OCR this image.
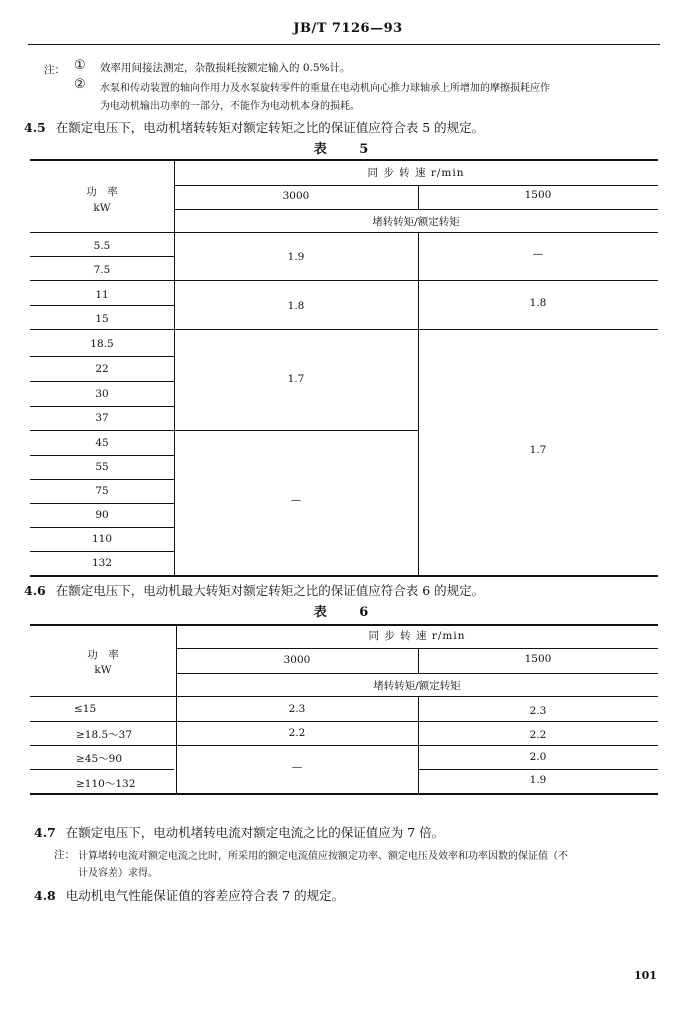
JB/T 7126—93
注： ① 效率用间接法测定，杂散损耗按额定输入的 0.5%计。
② 水泵和传动装置的轴向作用力及水泵旋转零件的重量在电动机向心推力球轴承上所增加的摩擦损耗应作
为电动机输出功率的一部分，不能作为电动机本身的损耗。
4.5 在额定电压下，电动机堵转转矩对额定转矩之比的保证值应符合表 5 的规定。
表 5
功　率
kW
同 步 转 速 r/min
3000	1500
堵转转矩/额定转矩
5.5
7.5
11
15
18.5
22
30
37
45
55
75
90
110
132
1.9
1.8
1.7
—
—
1.8
1.7
4.6 在额定电压下，电动机最大转矩对额定转矩之比的保证值应符合表 6 的规定。
表 6
功　率
kW
同 步 转 速 r/min
3000	1500
堵转转矩/额定转矩
≤15
≥18.5～37
≥45～90
≥110～132
2.3
2.2
—
2.3
2.2
2.0
1.9
4.7 在额定电压下，电动机堵转电流对额定电流之比的保证值应为 7 倍。
注： 计算堵转电流对额定电流之比时，所采用的额定电流值应按额定功率、额定电压及效率和功率因数的保证值（不
计及容差）求得。
4.8 电动机电气性能保证值的容差应符合表 7 的规定。
101
